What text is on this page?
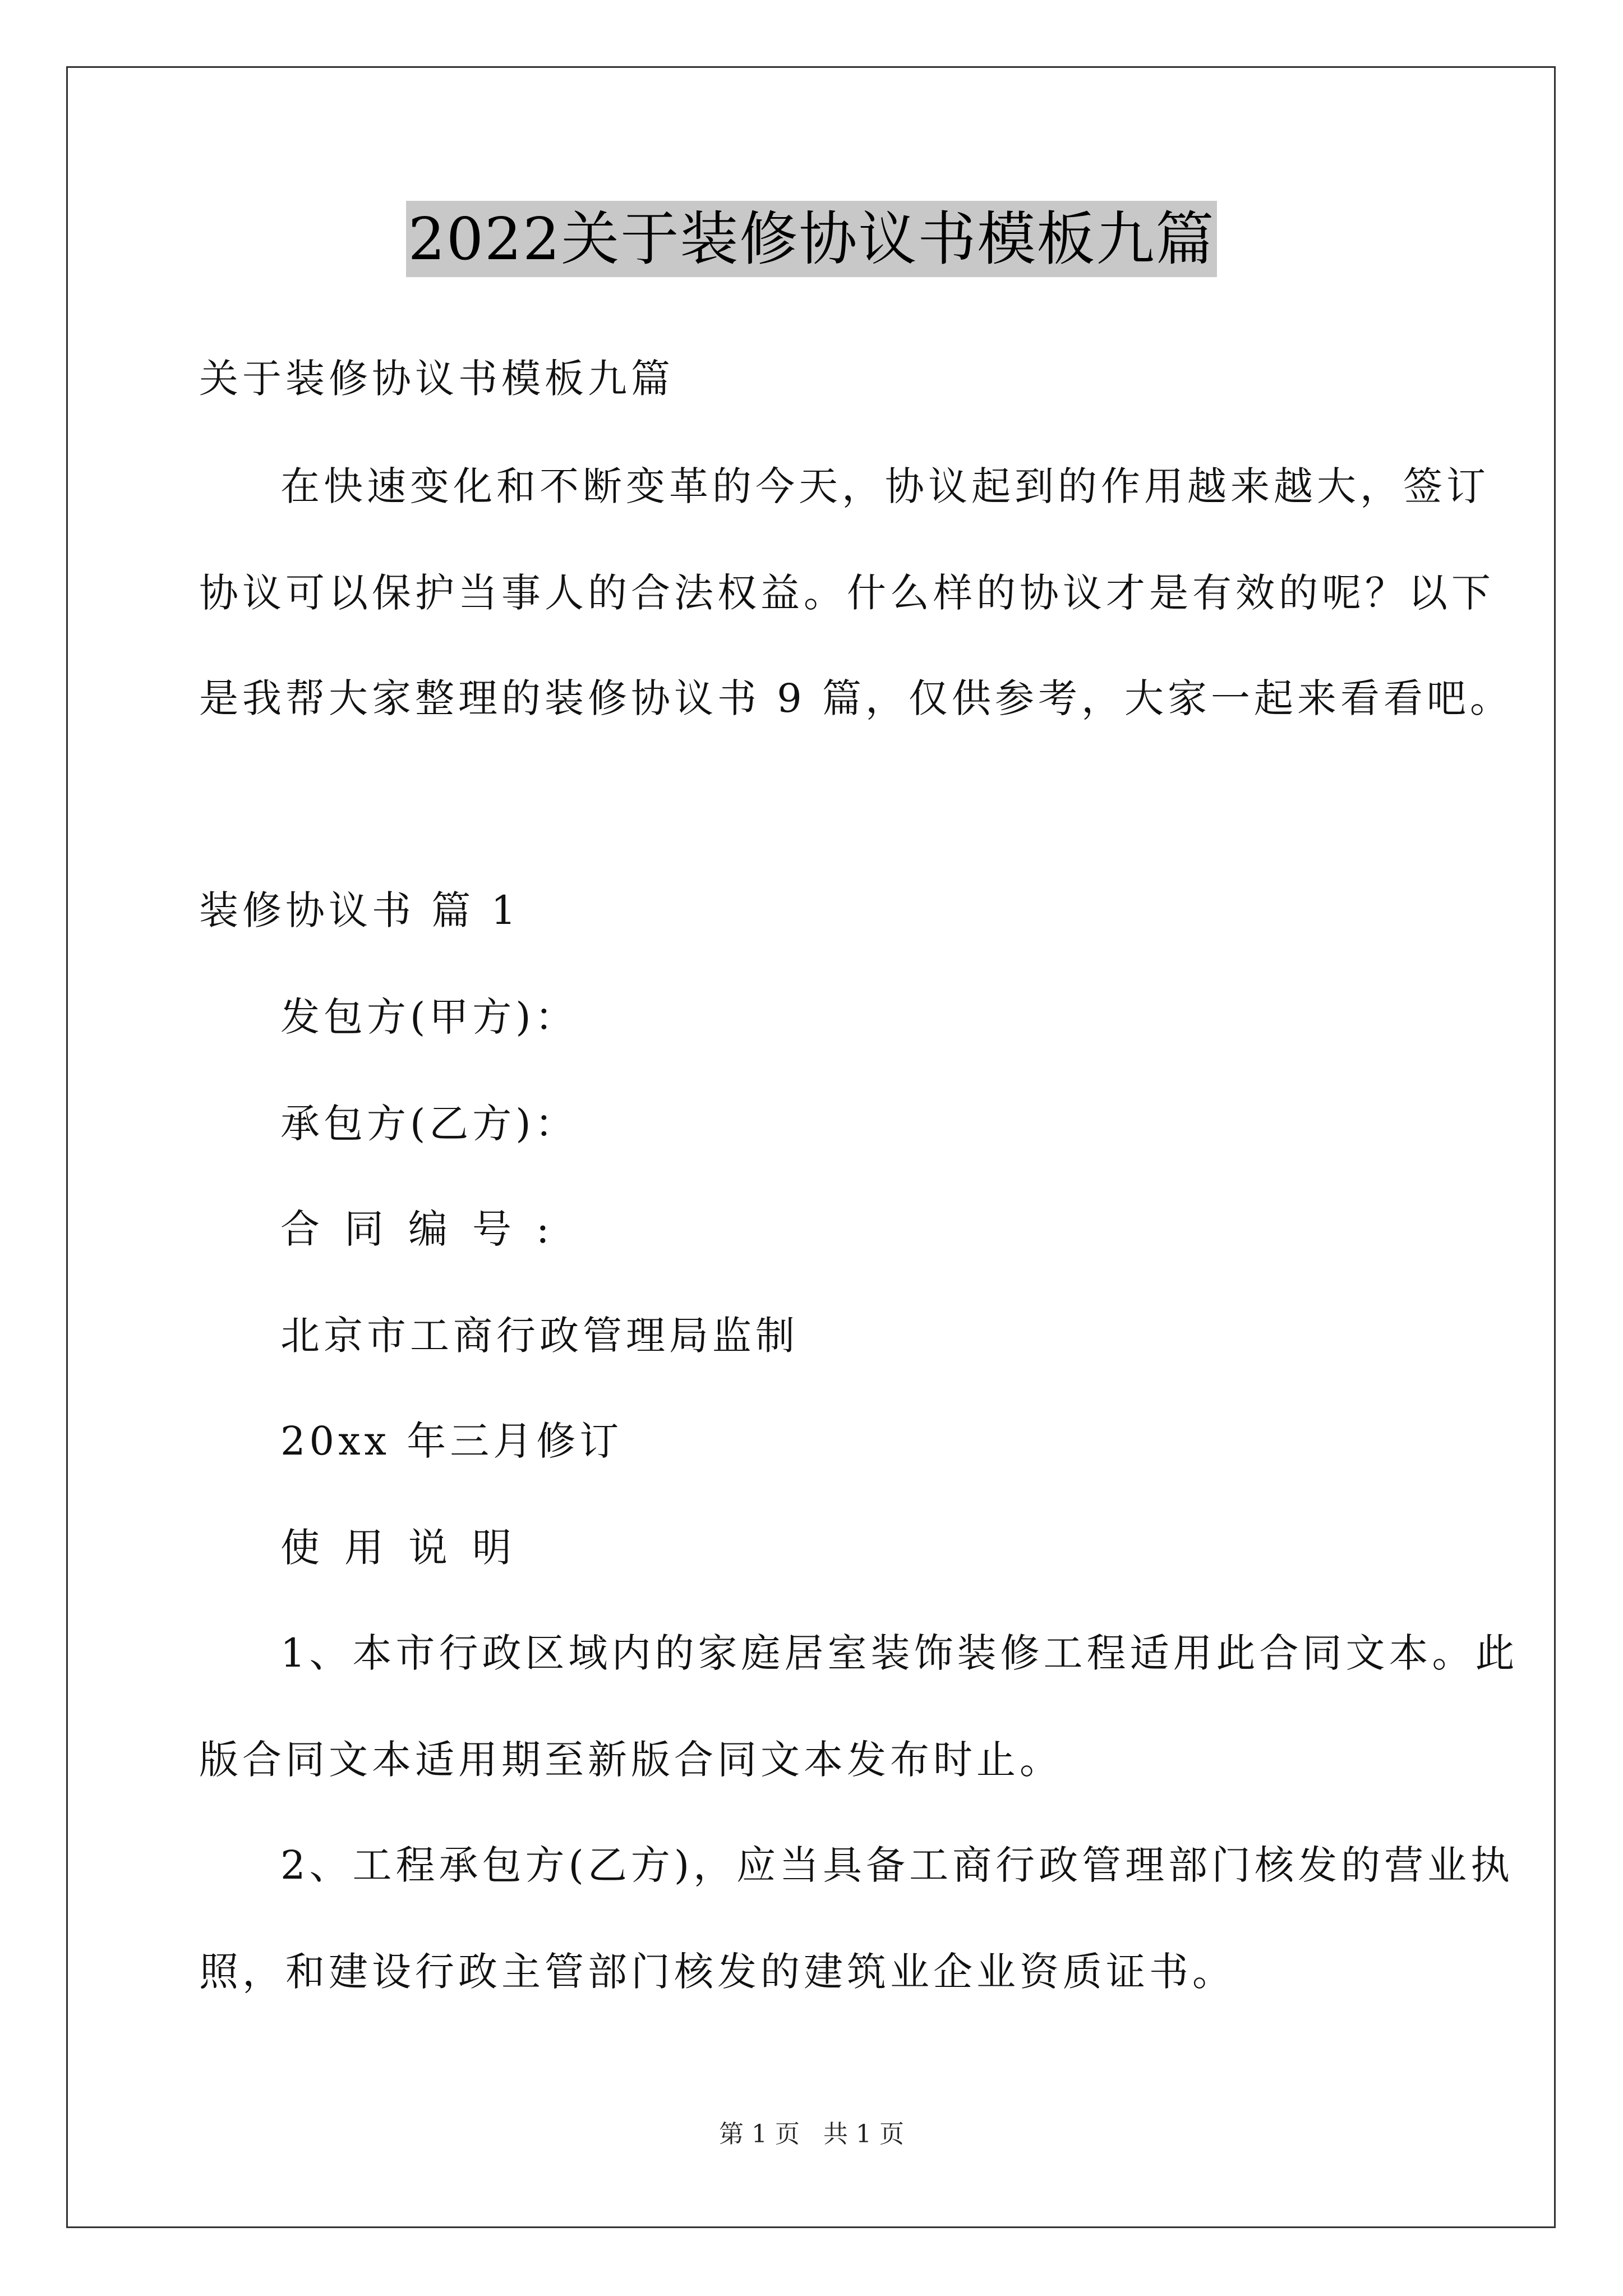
2022关于装修协议书模板九篇
关于装修协议书模板九篇
在快速变化和不断变革的今天，协议起到的作用越来越大，签订
协议可以保护当事人的合法权益。什么样的协议才是有效的呢？以下
是我帮大家整理的装修协议书 9 篇，仅供参考，大家一起来看看吧。
装修协议书 篇 1
发包方(甲方)：
承包方(乙方)：
合同编号:
北京市工商行政管理局监制
20xx 年三月修订
使用说明
1、本市行政区域内的家庭居室装饰装修工程适用此合同文本。此
版合同文本适用期至新版合同文本发布时止。
2、工程承包方(乙方)，应当具备工商行政管理部门核发的营业执
照，和建设行政主管部门核发的建筑业企业资质证书。
第 1 页 共 1 页
